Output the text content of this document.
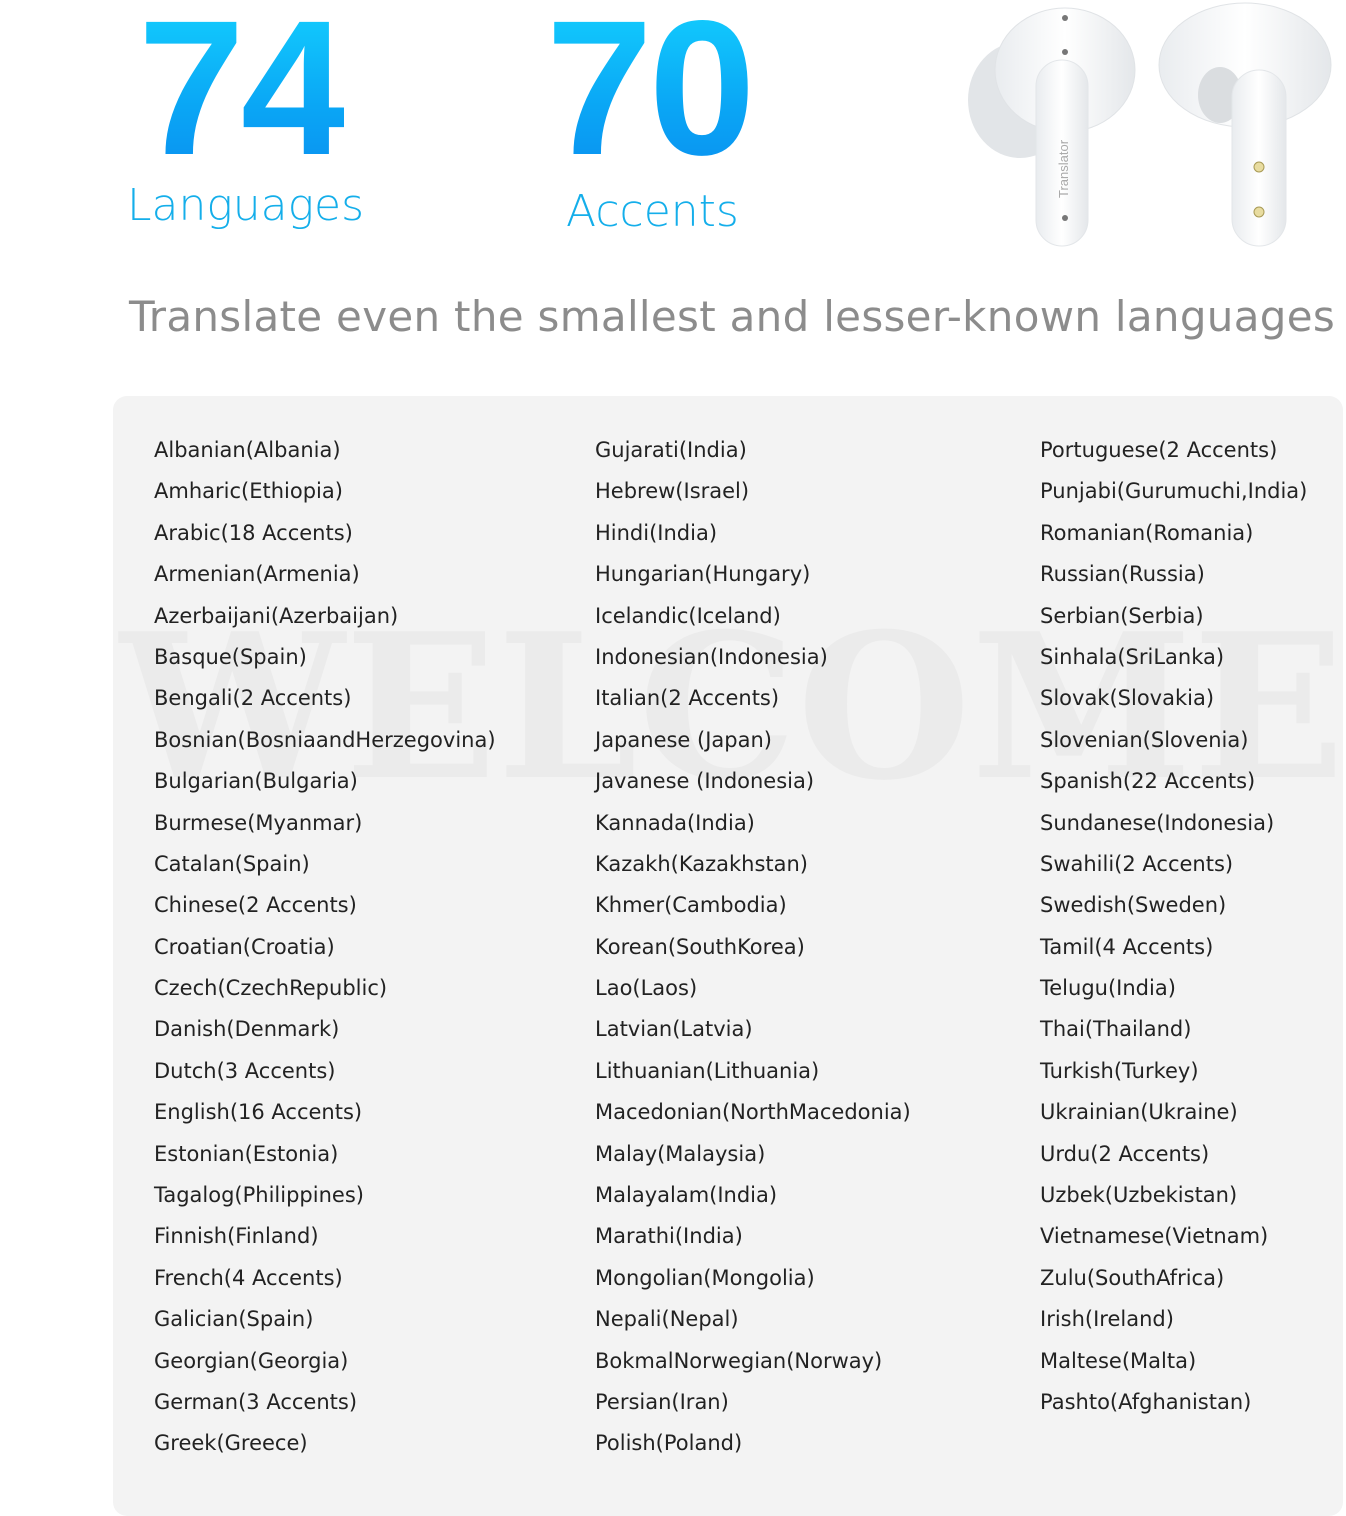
74
Languages
70
Accents
Translator
Translate even the smallest and lesser-known languages
Albanian(Albania)
Amharic(Ethiopia)
Arabic(18 Accents)
Armenian(Armenia)
Azerbaijani(Azerbaijan)
Basque(Spain)
Bengali(2 Accents)
Bosnian(BosniaandHerzegovina)
Bulgarian(Bulgaria)
Burmese(Myanmar)
Catalan(Spain)
Chinese(2 Accents)
Croatian(Croatia)
Czech(CzechRepublic)
Danish(Denmark)
Dutch(3 Accents)
English(16 Accents)
Estonian(Estonia)
Tagalog(Philippines)
Finnish(Finland)
French(4 Accents)
Galician(Spain)
Georgian(Georgia)
German(3 Accents)
Greek(Greece)
Gujarati(India)
Hebrew(Israel)
Hindi(India)
Hungarian(Hungary)
Icelandic(Iceland)
Indonesian(Indonesia)
Italian(2 Accents)
Japanese (Japan)
Javanese (Indonesia)
Kannada(India)
Kazakh(Kazakhstan)
Khmer(Cambodia)
Korean(SouthKorea)
Lao(Laos)
Latvian(Latvia)
Lithuanian(Lithuania)
Macedonian(NorthMacedonia)
Malay(Malaysia)
Malayalam(India)
Marathi(India)
Mongolian(Mongolia)
Nepali(Nepal)
BokmalNorwegian(Norway)
Persian(Iran)
Polish(Poland)
Portuguese(2 Accents)
Punjabi(Gurumuchi,India)
Romanian(Romania)
Russian(Russia)
Serbian(Serbia)
Sinhala(SriLanka)
Slovak(Slovakia)
Slovenian(Slovenia)
Spanish(22 Accents)
Sundanese(Indonesia)
Swahili(2 Accents)
Swedish(Sweden)
Tamil(4 Accents)
Telugu(India)
Thai(Thailand)
Turkish(Turkey)
Ukrainian(Ukraine)
Urdu(2 Accents)
Uzbek(Uzbekistan)
Vietnamese(Vietnam)
Zulu(SouthAfrica)
Irish(Ireland)
Maltese(Malta)
Pashto(Afghanistan)
